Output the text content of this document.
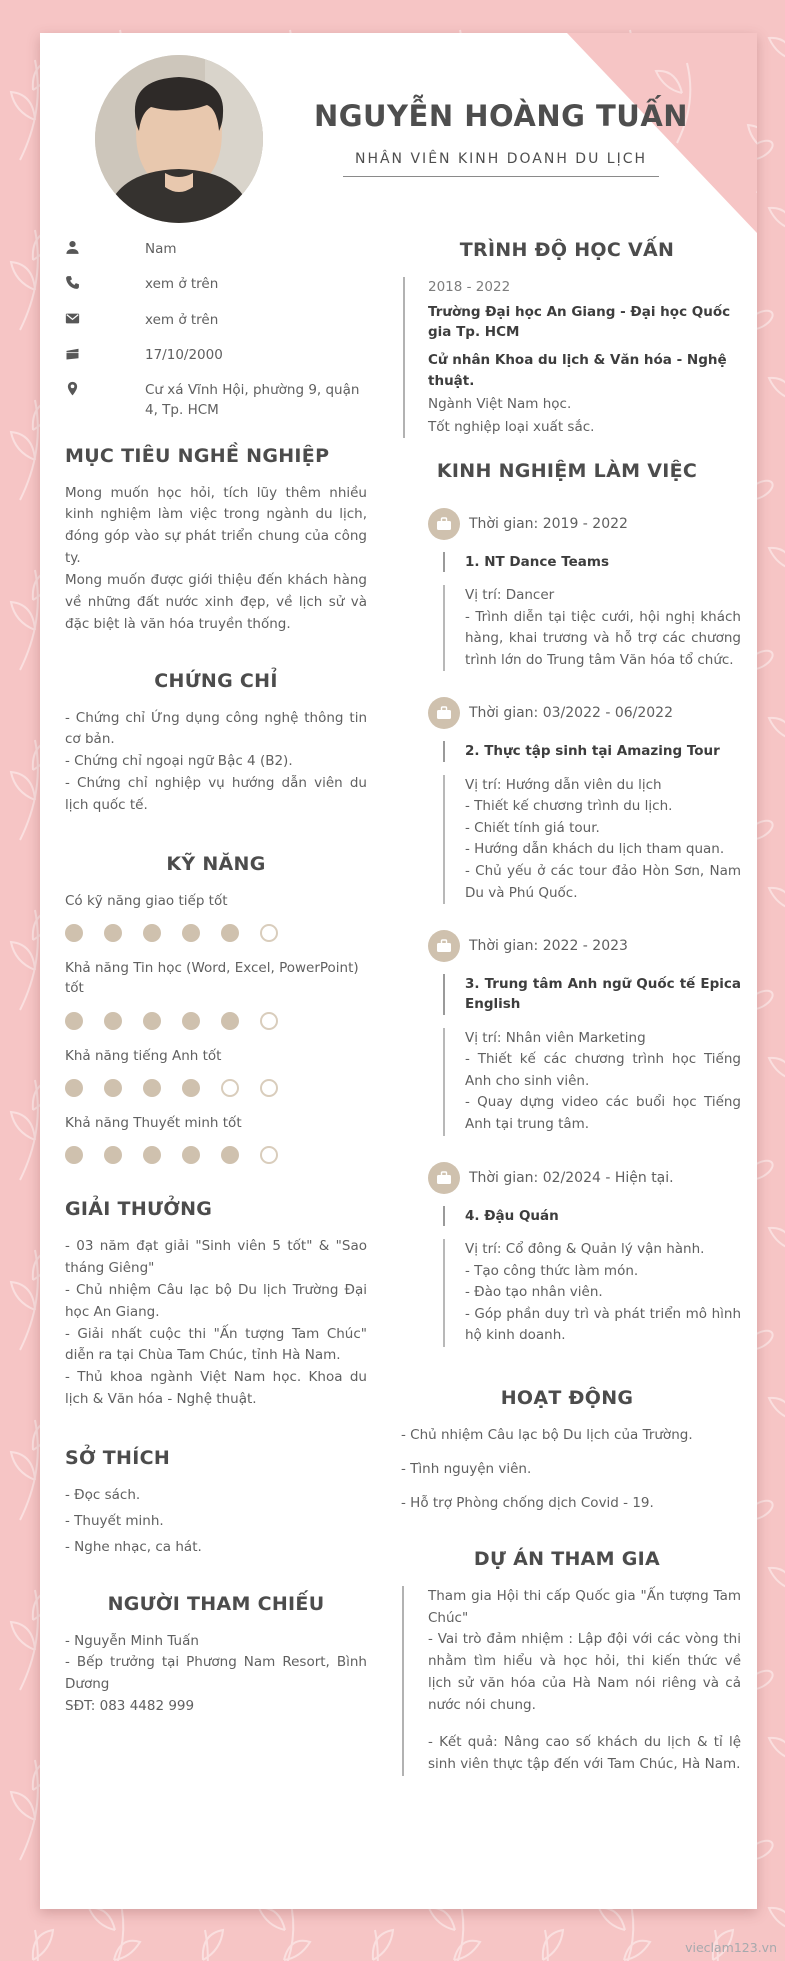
NGUYỄN HOÀNG TUẤN
NHÂN VIÊN KINH DOANH DU LỊCH
Nam
xem ở trên
xem ở trên
17/10/2000
Cư xá Vĩnh Hội, phường 9, quận 4, Tp. HCM
MỤC TIÊU NGHỀ NGHIỆP
Mong muốn học hỏi, tích lũy thêm nhiều kinh nghiệm làm việc trong ngành du lịch, đóng góp vào sự phát triển chung của công ty.
Mong muốn được giới thiệu đến khách hàng về những đất nước xinh đẹp, về lịch sử và đặc biệt là văn hóa truyền thống.
CHỨNG CHỈ
- Chứng chỉ Ứng dụng công nghệ thông tin cơ bản.
- Chứng chỉ ngoại ngữ Bậc 4 (B2).
- Chứng chỉ nghiệp vụ hướng dẫn viên du lịch quốc tế.
KỸ NĂNG
Có kỹ năng giao tiếp tốt
Khả năng Tin học (Word, Excel, PowerPoint) tốt
Khả năng tiếng Anh tốt
Khả năng Thuyết minh tốt
GIẢI THƯỞNG
- 03 năm đạt giải "Sinh viên 5 tốt" & "Sao tháng Giêng"
- Chủ nhiệm Câu lạc bộ Du lịch Trường Đại học An Giang.
- Giải nhất cuộc thi "Ấn tượng Tam Chúc" diễn ra tại Chùa Tam Chúc, tỉnh Hà Nam.
- Thủ khoa ngành Việt Nam học. Khoa du lịch & Văn hóa - Nghệ thuật.
SỞ THÍCH
- Đọc sách.
- Thuyết minh.
- Nghe nhạc, ca hát.
NGƯỜI THAM CHIẾU
- Nguyễn Minh Tuấn
- Bếp trưởng tại Phương Nam Resort, Bình Dương
SĐT: 083 4482 999
TRÌNH ĐỘ HỌC VẤN
2018 - 2022
Trường Đại học An Giang - Đại học Quốc gia Tp. HCM
Cử nhân Khoa du lịch & Văn hóa - Nghệ thuật.
Ngành Việt Nam học.
Tốt nghiệp loại xuất sắc.
KINH NGHIỆM LÀM VIỆC
Thời gian: 2019 - 2022
1. NT Dance Teams
Vị trí: Dancer
- Trình diễn tại tiệc cưới, hội nghị khách hàng, khai trương và hỗ trợ các chương trình lớn do Trung tâm Văn hóa tổ chức.
Thời gian: 03/2022 - 06/2022
2. Thực tập sinh tại Amazing Tour
Vị trí: Hướng dẫn viên du lịch
- Thiết kế chương trình du lịch.
- Chiết tính giá tour.
- Hướng dẫn khách du lịch tham quan.
- Chủ yếu ở các tour đảo Hòn Sơn, Nam Du và Phú Quốc.
Thời gian: 2022 - 2023
3. Trung tâm Anh ngữ Quốc tế Epica English
Vị trí: Nhân viên Marketing
- Thiết kế các chương trình học Tiếng Anh cho sinh viên.
- Quay dựng video các buổi học Tiếng Anh tại trung tâm.
Thời gian: 02/2024 - Hiện tại.
4. Đậu Quán
Vị trí: Cổ đông & Quản lý vận hành.
- Tạo công thức làm món.
- Đào tạo nhân viên.
- Góp phần duy trì và phát triển mô hình hộ kinh doanh.
HOẠT ĐỘNG
- Chủ nhiệm Câu lạc bộ Du lịch của Trường.
- Tình nguyện viên.
- Hỗ trợ Phòng chống dịch Covid - 19.
DỰ ÁN THAM GIA
Tham gia Hội thi cấp Quốc gia "Ấn tượng Tam Chúc"
- Vai trò đảm nhiệm : Lập đội với các vòng thi nhằm tìm hiểu và học hỏi, thi kiến thức về lịch sử văn hóa của Hà Nam nói riêng và cả nước nói chung.
- Kết quả: Nâng cao số khách du lịch & tỉ lệ sinh viên thực tập đến với Tam Chúc, Hà Nam.
vieclam123.vn
